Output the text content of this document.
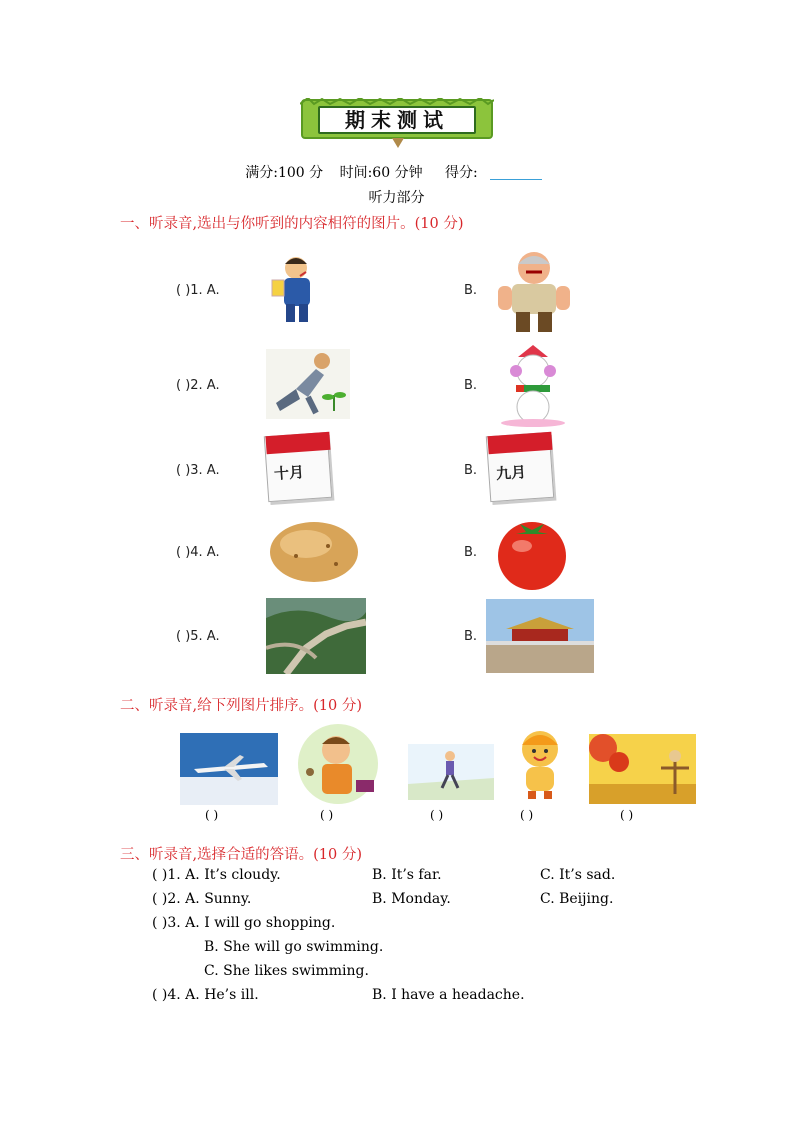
期末测试
满分:100 分 时间:60 分钟 得分:
听力部分
一、听录音,选出与你听到的内容相符的图片。(10 分)
( )1. A.	B.
( )2. A.	B.
( )3. A.	十月	B. 九月
( )4. A.	B.
( )5. A.	B.
二、听录音,给下列图片排序。(10 分)
( )	( )	( )	( )	( )
三、听录音,选择合适的答语。(10 分)
( )1. A. It’s cloudy.	B. It’s far.	C. It’s sad.
( )2. A. Sunny.	B. Monday.	C. Beijing.
( )3. A. I will go shopping.
B. She will go swimming.
C. She likes swimming.
( )4. A. He’s ill.	B. I have a headache.
